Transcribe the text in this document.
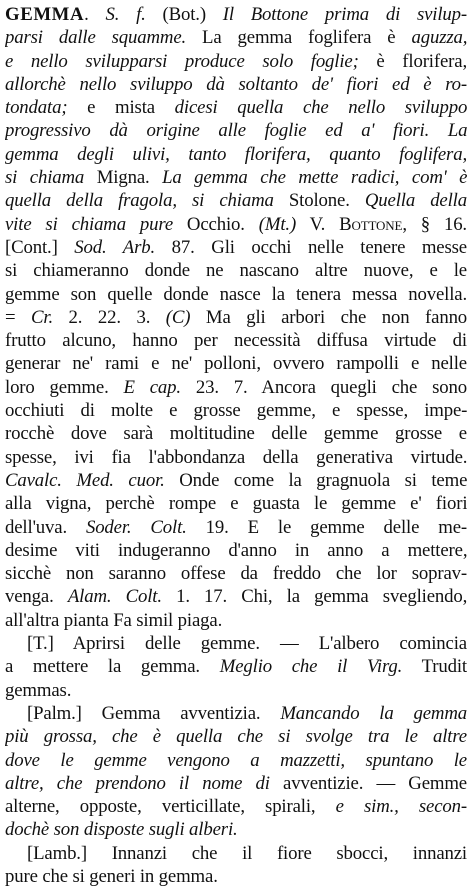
GEMMA. S. f. (Bot.) Il Bottone prima di svilup-
parsi dalle squamme. La gemma foglifera è aguzza,
e nello svilupparsi produce solo foglie; è florifera,
allorchè nello sviluppo dà soltanto de' fiori ed è ro-
tondata; e mista dicesi quella che nello sviluppo
progressivo dà origine alle foglie ed a' fiori. La
gemma degli ulivi, tanto florifera, quanto foglifera,
si chiama Migna. La gemma che mette radici, com' è
quella della fragola, si chiama Stolone. Quella della
vite si chiama pure Occhio. (Mt.) V. Bottone, § 16.
[Cont.] Sod. Arb. 87. Gli occhi nelle tenere messe
si chiameranno donde ne nascano altre nuove, e le
gemme son quelle donde nasce la tenera messa novella.
= Cr. 2. 22. 3. (C) Ma gli arbori che non fanno
frutto alcuno, hanno per necessità diffusa virtude di
generar ne' rami e ne' polloni, ovvero rampolli e nelle
loro gemme. E cap. 23. 7. Ancora quegli che sono
occhiuti di molte e grosse gemme, e spesse, impe-
rocchè dove sarà moltitudine delle gemme grosse e
spesse, ivi fia l'abbondanza della generativa virtude.
Cavalc. Med. cuor. Onde come la gragnuola si teme
alla vigna, perchè rompe e guasta le gemme e' fiori
dell'uva. Soder. Colt. 19. E le gemme delle me-
desime viti indugeranno d'anno in anno a mettere,
sicchè non saranno offese da freddo che lor soprav-
venga. Alam. Colt. 1. 17. Chi, la gemma svegliendo,
all'altra pianta Fa simil piaga.
[T.] Aprirsi delle gemme. — L'albero comincia
a mettere la gemma. Meglio che il Virg. Trudit
gemmas.
[Palm.] Gemma avventizia. Mancando la gemma
più grossa, che è quella che si svolge tra le altre
dove le gemme vengono a mazzetti, spuntano le
altre, che prendono il nome di avventizie. — Gemme
alterne, opposte, verticillate, spirali, e sim., secon-
dochè son disposte sugli alberi.
[Lamb.] Innanzi che il fiore sbocci, innanzi
pure che si generi in gemma.
